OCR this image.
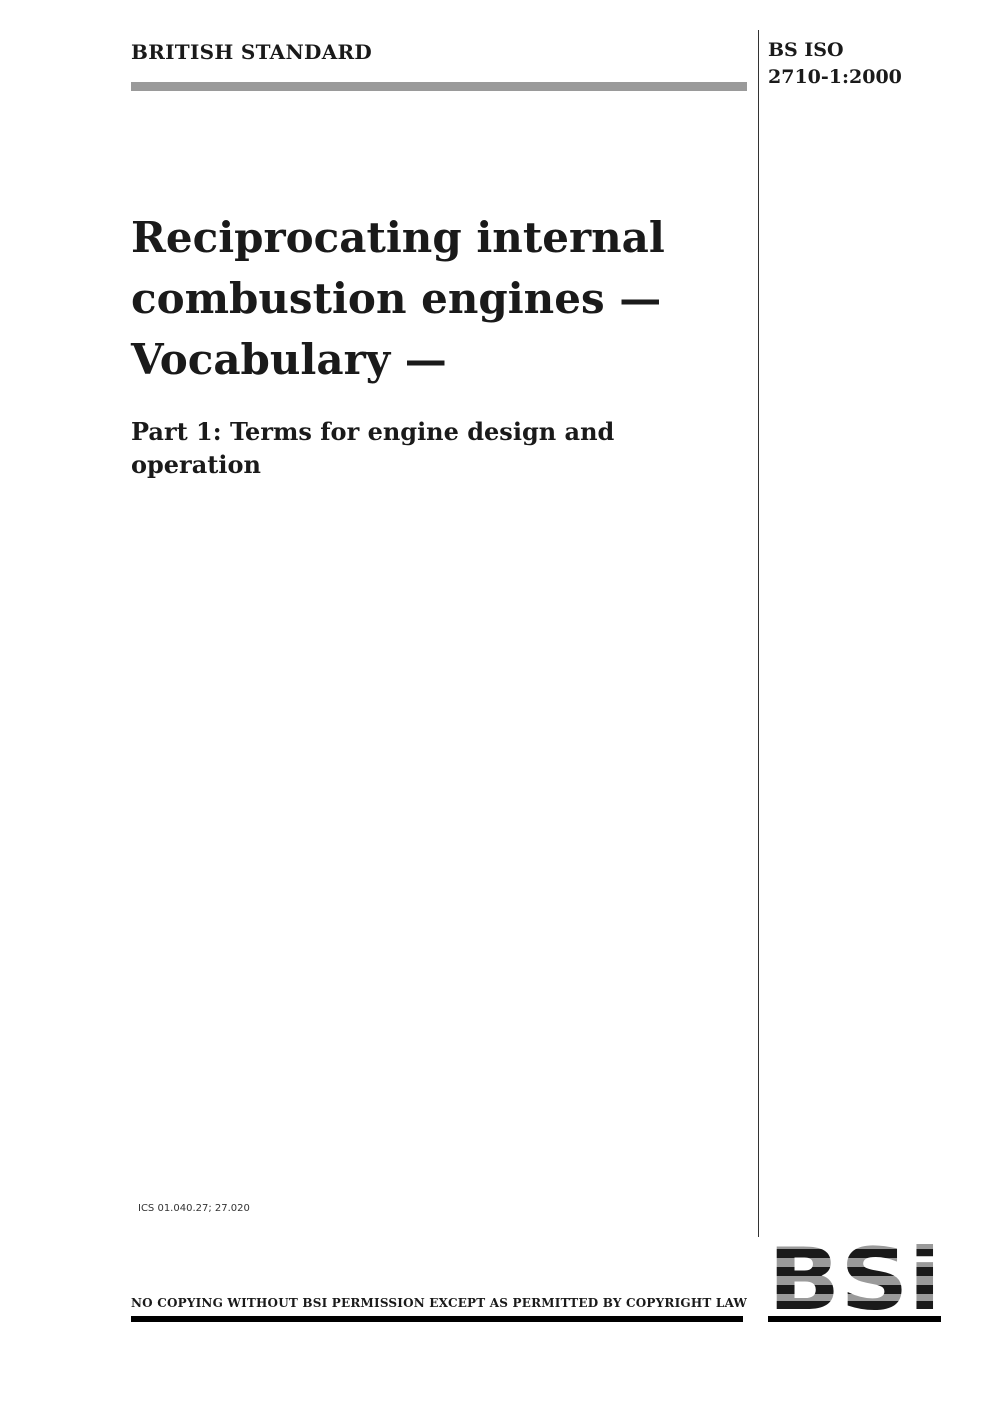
BRITISH STANDARD	BS ISO
2710-1:2000
Reciprocating internal
combustion engines —
Vocabulary —
Part 1: Terms for engine design and
operation
ICS 01.040.27; 27.020
NO COPYING WITHOUT BSI PERMISSION EXCEPT AS PERMITTED BY COPYRIGHT LAW
